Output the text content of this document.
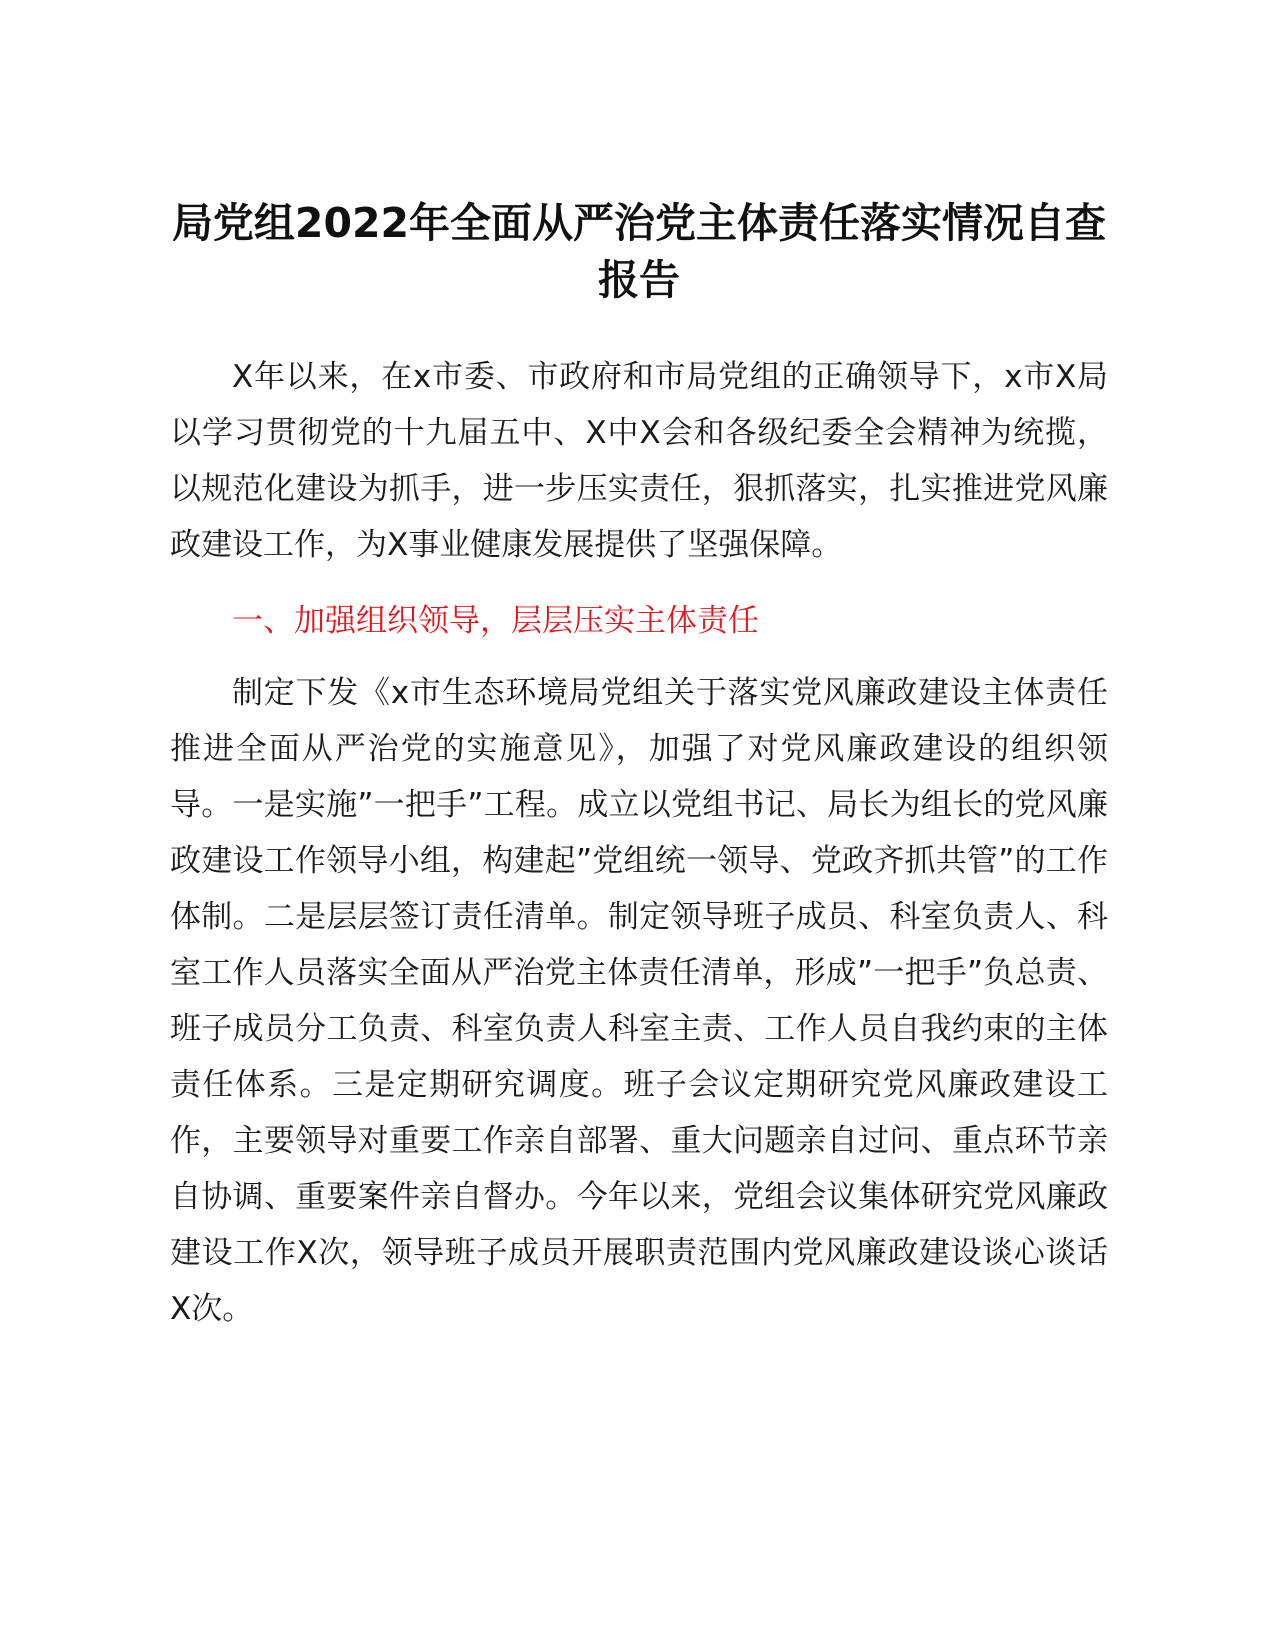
局党组2022年全面从严治党主体责任落实情况自查报告

X年以来，在x市委、市政府和市局党组的正确领导下，x市X局以学习贯彻党的十九届五中、X中X会和各级纪委全会精神为统揽，以规范化建设为抓手，进一步压实责任，狠抓落实，扎实推进党风廉政建设工作，为X事业健康发展提供了坚强保障。

一、加强组织领导，层层压实主体责任

制定下发《x市生态环境局党组关于落实党风廉政建设主体责任推进全面从严治党的实施意见》，加强了对党风廉政建设的组织领导。一是实施”一把手”工程。成立以党组书记、局长为组长的党风廉政建设工作领导小组，构建起”党组统一领导、党政齐抓共管”的工作体制。二是层层签订责任清单。制定领导班子成员、科室负责人、科室工作人员落实全面从严治党主体责任清单，形成”一把手”负总责、班子成员分工负责、科室负责人科室主责、工作人员自我约束的主体责任体系。三是定期研究调度。班子会议定期研究党风廉政建设工作，主要领导对重要工作亲自部署、重大问题亲自过问、重点环节亲自协调、重要案件亲自督办。今年以来，党组会议集体研究党风廉政建设工作X次，领导班子成员开展职责范围内党风廉政建设谈心谈话X次。
